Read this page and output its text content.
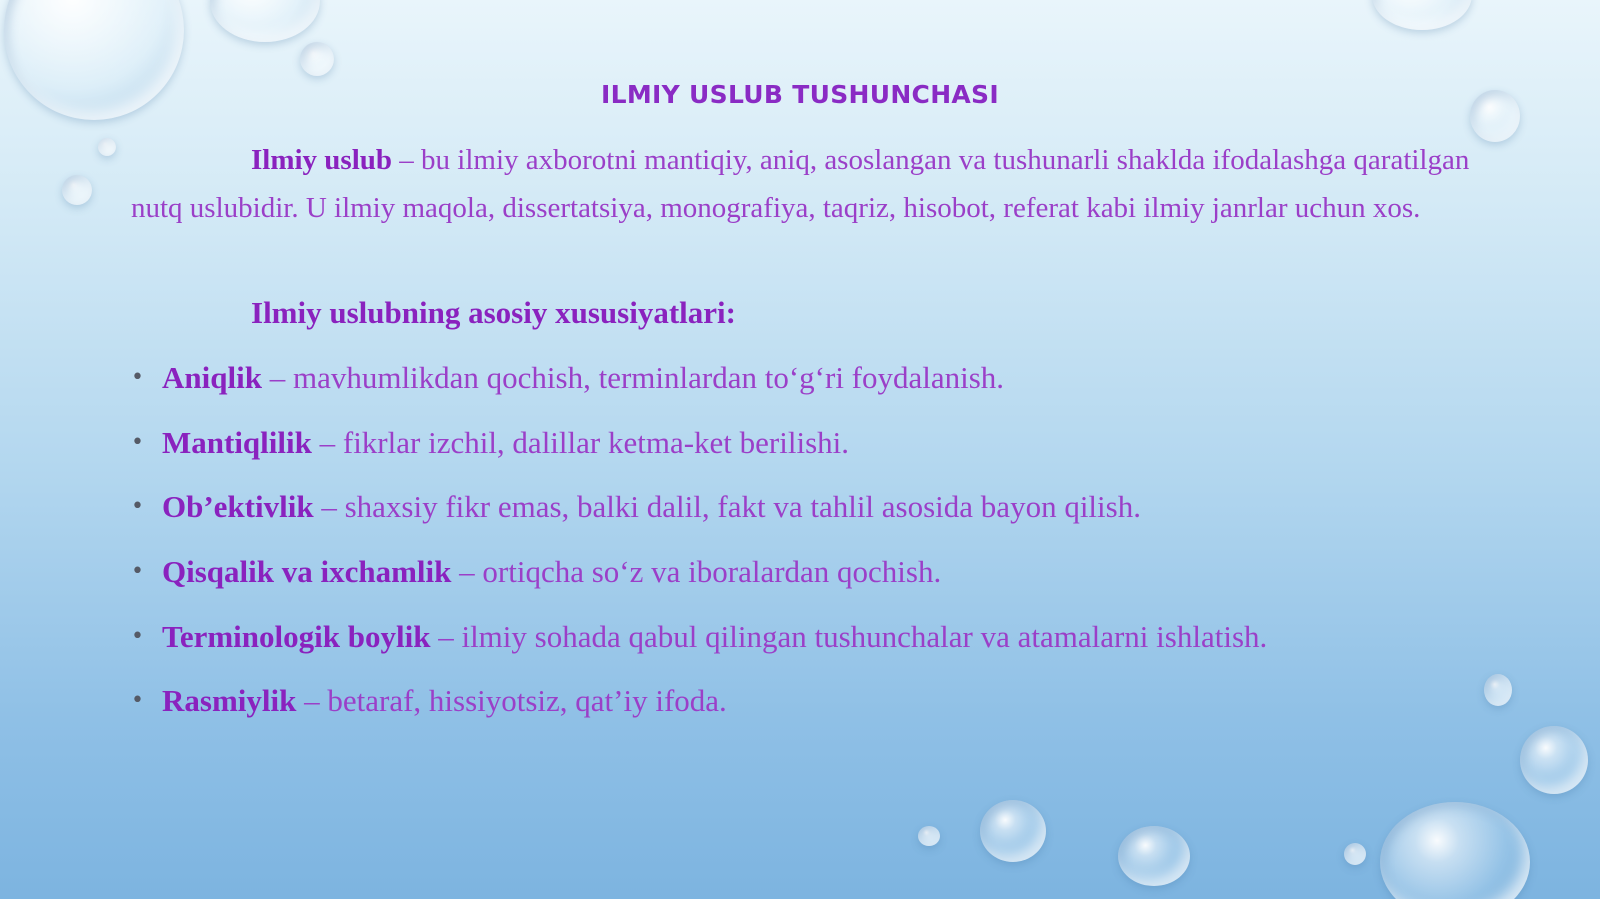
ILMIY USLUB TUSHUNCHASI

Ilmiy uslub – bu ilmiy axborotni mantiqiy, aniq, asoslangan va tushunarli shaklda ifodalashga qaratilgan nutq uslubidir. U ilmiy maqola, dissertatsiya, monografiya, taqriz, hisobot, referat kabi ilmiy janrlar uchun xos.

Ilmiy uslubning asosiy xususiyatlari:

• Aniqlik – mavhumlikdan qochish, terminlardan to‘g‘ri foydalanish.
• Mantiqlilik – fikrlar izchil, dalillar ketma-ket berilishi.
• Ob’ektivlik – shaxsiy fikr emas, balki dalil, fakt va tahlil asosida bayon qilish.
• Qisqalik va ixchamlik – ortiqcha so‘z va iboralardan qochish.
• Terminologik boylik – ilmiy sohada qabul qilingan tushunchalar va atamalarni ishlatish.
• Rasmiylik – betaraf, hissiyotsiz, qat’iy ifoda.
